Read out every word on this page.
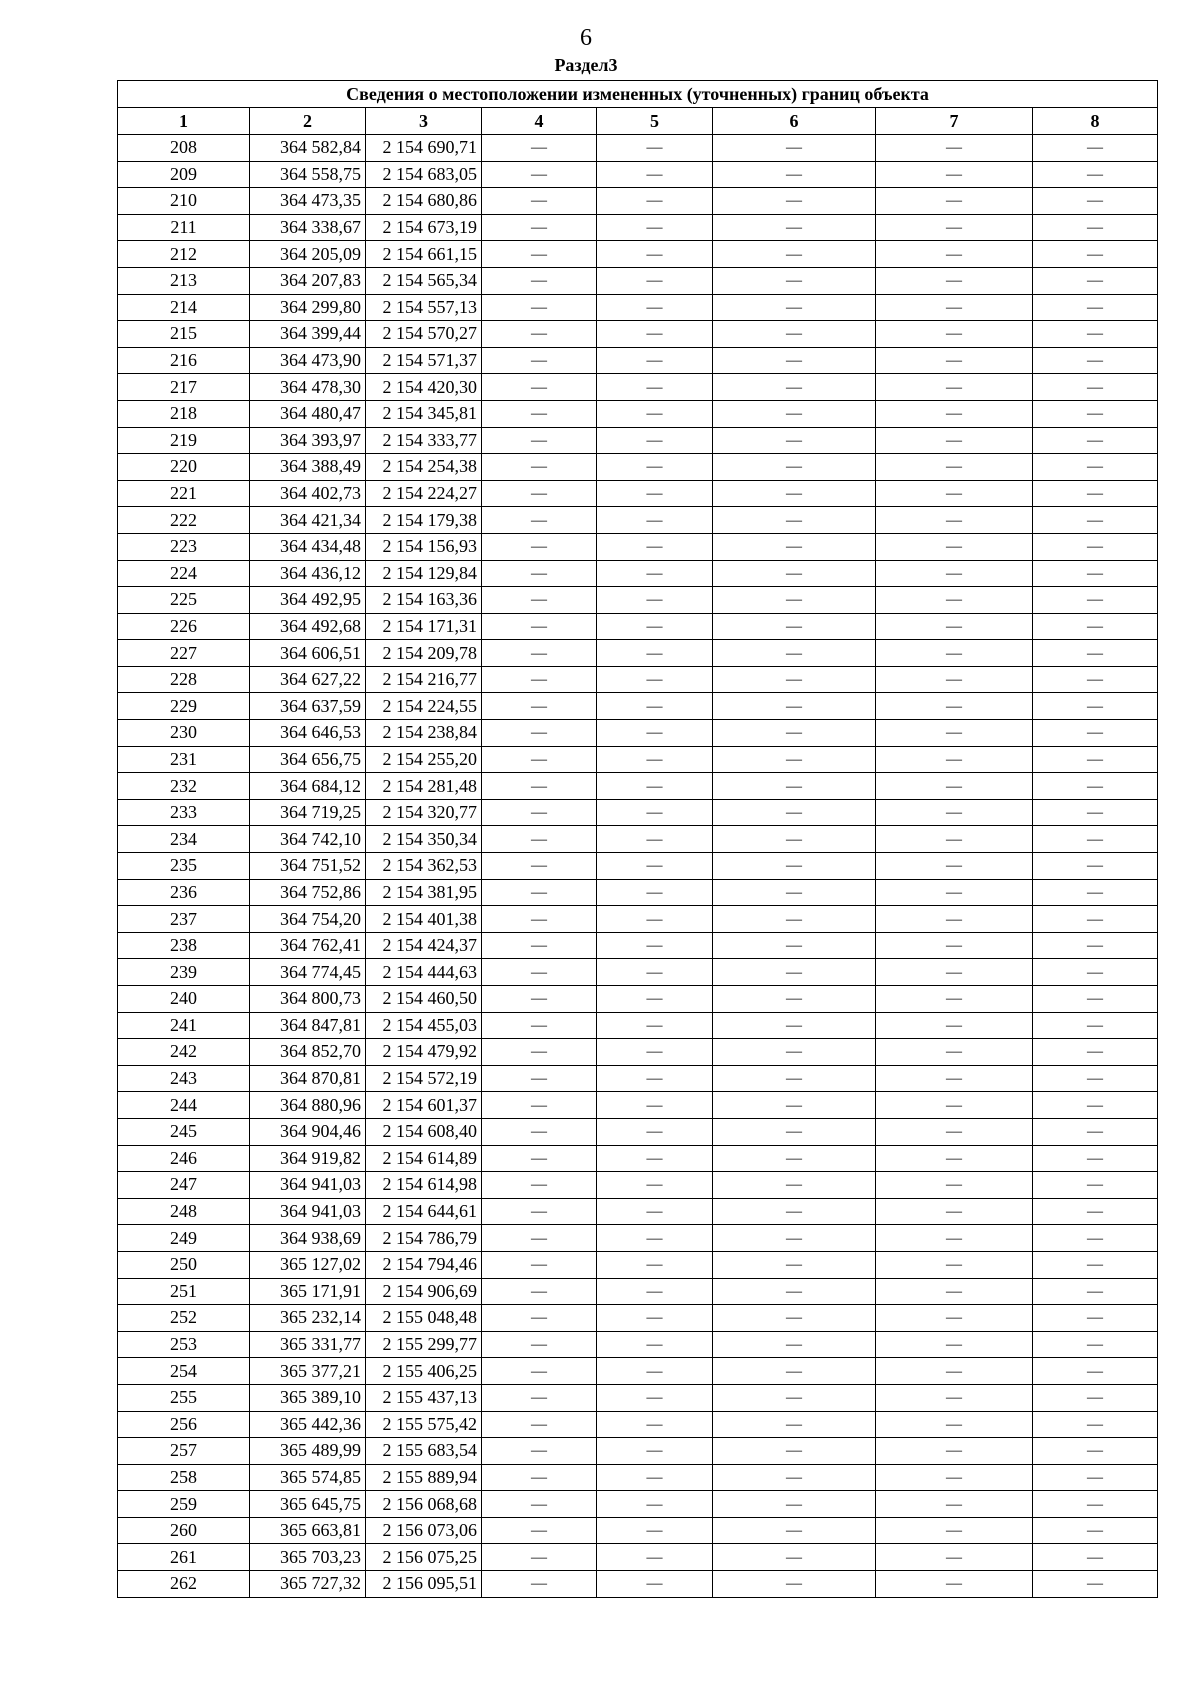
6
Раздел3
Сведения о местоположении измененных (уточненных) границ объекта							
1	2	3	4	5	6	7	8
208	364 582,84	2 154 690,71	—	—	—	—	—
209	364 558,75	2 154 683,05	—	—	—	—	—
210	364 473,35	2 154 680,86	—	—	—	—	—
211	364 338,67	2 154 673,19	—	—	—	—	—
212	364 205,09	2 154 661,15	—	—	—	—	—
213	364 207,83	2 154 565,34	—	—	—	—	—
214	364 299,80	2 154 557,13	—	—	—	—	—
215	364 399,44	2 154 570,27	—	—	—	—	—
216	364 473,90	2 154 571,37	—	—	—	—	—
217	364 478,30	2 154 420,30	—	—	—	—	—
218	364 480,47	2 154 345,81	—	—	—	—	—
219	364 393,97	2 154 333,77	—	—	—	—	—
220	364 388,49	2 154 254,38	—	—	—	—	—
221	364 402,73	2 154 224,27	—	—	—	—	—
222	364 421,34	2 154 179,38	—	—	—	—	—
223	364 434,48	2 154 156,93	—	—	—	—	—
224	364 436,12	2 154 129,84	—	—	—	—	—
225	364 492,95	2 154 163,36	—	—	—	—	—
226	364 492,68	2 154 171,31	—	—	—	—	—
227	364 606,51	2 154 209,78	—	—	—	—	—
228	364 627,22	2 154 216,77	—	—	—	—	—
229	364 637,59	2 154 224,55	—	—	—	—	—
230	364 646,53	2 154 238,84	—	—	—	—	—
231	364 656,75	2 154 255,20	—	—	—	—	—
232	364 684,12	2 154 281,48	—	—	—	—	—
233	364 719,25	2 154 320,77	—	—	—	—	—
234	364 742,10	2 154 350,34	—	—	—	—	—
235	364 751,52	2 154 362,53	—	—	—	—	—
236	364 752,86	2 154 381,95	—	—	—	—	—
237	364 754,20	2 154 401,38	—	—	—	—	—
238	364 762,41	2 154 424,37	—	—	—	—	—
239	364 774,45	2 154 444,63	—	—	—	—	—
240	364 800,73	2 154 460,50	—	—	—	—	—
241	364 847,81	2 154 455,03	—	—	—	—	—
242	364 852,70	2 154 479,92	—	—	—	—	—
243	364 870,81	2 154 572,19	—	—	—	—	—
244	364 880,96	2 154 601,37	—	—	—	—	—
245	364 904,46	2 154 608,40	—	—	—	—	—
246	364 919,82	2 154 614,89	—	—	—	—	—
247	364 941,03	2 154 614,98	—	—	—	—	—
248	364 941,03	2 154 644,61	—	—	—	—	—
249	364 938,69	2 154 786,79	—	—	—	—	—
250	365 127,02	2 154 794,46	—	—	—	—	—
251	365 171,91	2 154 906,69	—	—	—	—	—
252	365 232,14	2 155 048,48	—	—	—	—	—
253	365 331,77	2 155 299,77	—	—	—	—	—
254	365 377,21	2 155 406,25	—	—	—	—	—
255	365 389,10	2 155 437,13	—	—	—	—	—
256	365 442,36	2 155 575,42	—	—	—	—	—
257	365 489,99	2 155 683,54	—	—	—	—	—
258	365 574,85	2 155 889,94	—	—	—	—	—
259	365 645,75	2 156 068,68	—	—	—	—	—
260	365 663,81	2 156 073,06	—	—	—	—	—
261	365 703,23	2 156 075,25	—	—	—	—	—
262	365 727,32	2 156 095,51	—	—	—	—	—
